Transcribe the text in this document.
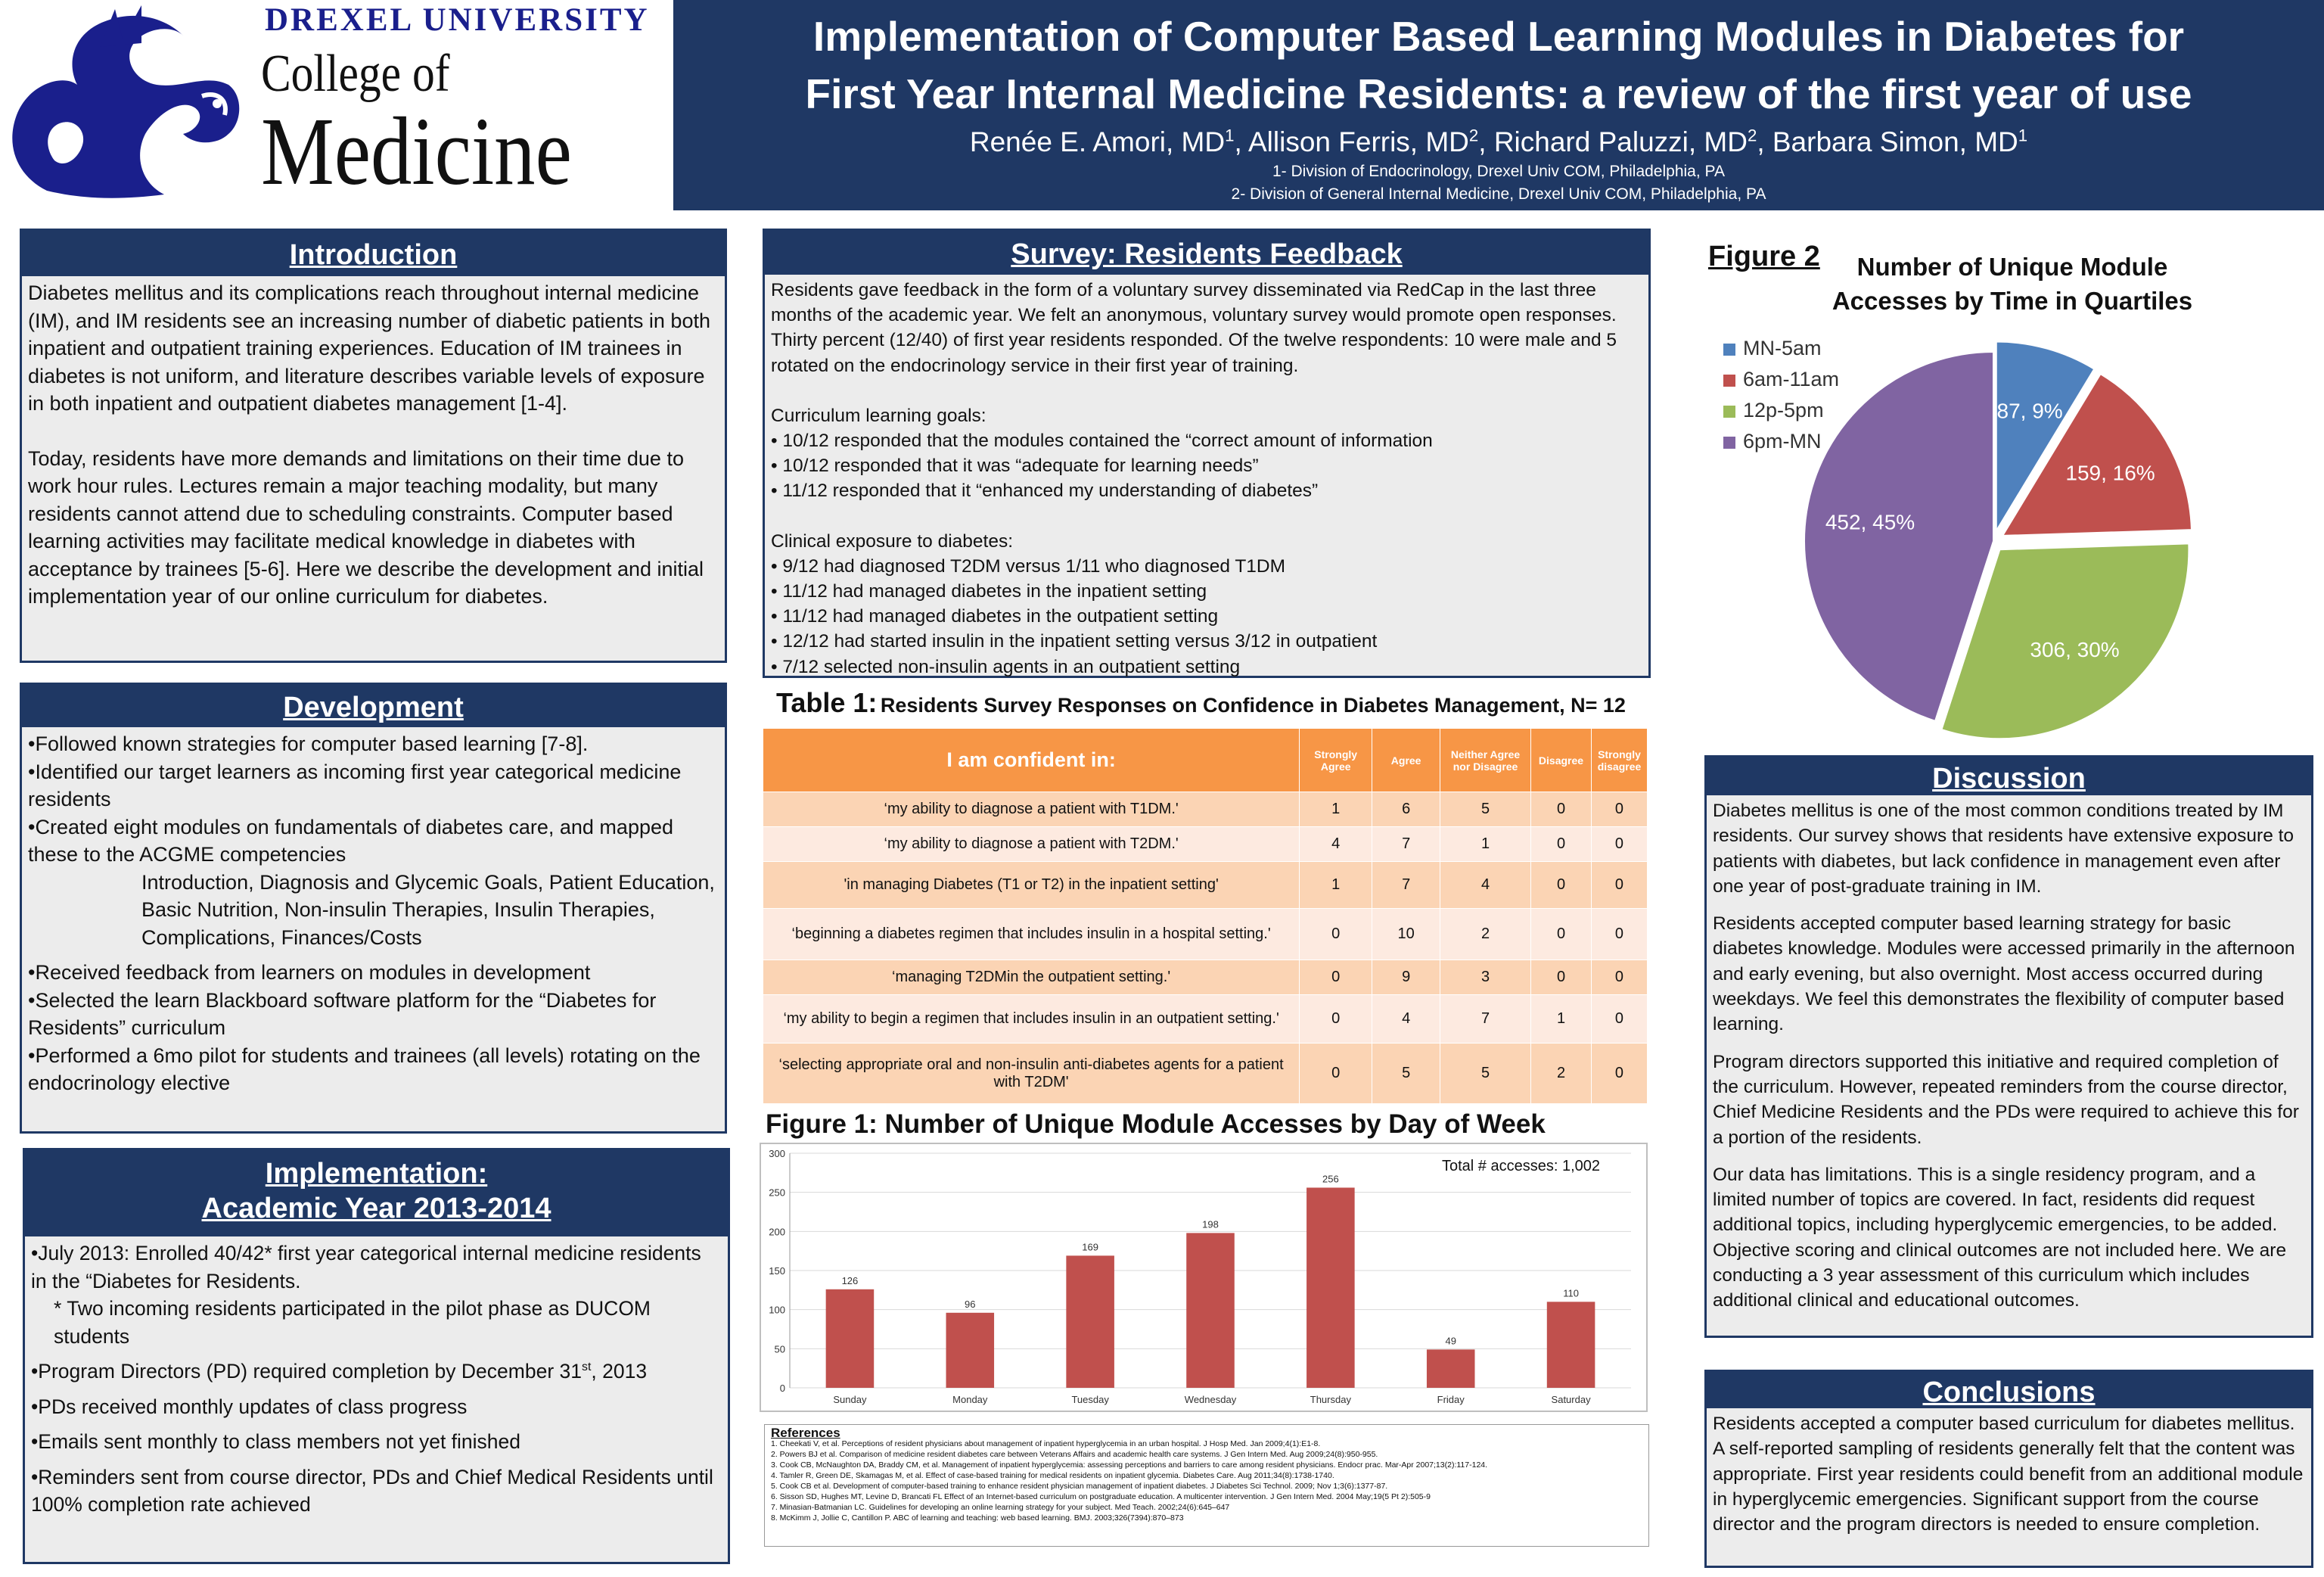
DREXEL UNIVERSITY
College of
Medicine
Implementation of Computer Based Learning Modules in Diabetes for
First Year Internal Medicine Residents: a review of the first year of use
Renée E. Amori, $MD^1$, Allison Ferris, $MD^2$, Richard Paluzzi, $MD^2$, Barbara Simon, $MD^1$
1- Division of Endocrinology, Drexel Univ COM, Philadelphia, PA
2- Division of General Internal Medicine, Drexel Univ COM, Philadelphia, PA
Introduction

Diabetes mellitus and its complications reach throughout internal medicine (IM), and IM residents see an increasing number of diabetic patients in both inpatient and outpatient training experiences. Education of IM trainees in diabetes is not uniform, and literature describes variable levels of exposure in both inpatient and outpatient diabetes management [1-4].

Today, residents have more demands and limitations on their time due to work hour rules. Lectures remain a major teaching modality, but many residents cannot attend due to scheduling constraints. Computer based learning activities may facilitate medical knowledge in diabetes with acceptance by trainees [5-6]. Here we describe the development and initial implementation year of our online curriculum for diabetes.

Development
•Followed known strategies for computer based learning [7-8].
•Identified our target learners as incoming first year categorical medicine residents
•Created eight modules on fundamentals of diabetes care, and mapped these to the ACGME competencies
Introduction, Diagnosis and Glycemic Goals, Patient Education, Basic Nutrition, Non-insulin Therapies, Insulin Therapies, Complications, Finances/Costs
•Received feedback from learners on modules in development
•Selected the learn Blackboard software platform for the “Diabetes for Residents” curriculum
•Performed a 6mo pilot for students and trainees (all levels) rotating on the endocrinology elective
Implementation:
Academic Year 2013-2014
•July 2013: Enrolled 40/42* first year categorical internal medicine residents in the “Diabetes for Residents.
* Two incoming residents participated in the pilot phase as DUCOM students
•Program Directors (PD) required completion by December 31st, 2013
•PDs received monthly updates of class progress
•Emails sent monthly to class members not yet finished
•Reminders sent from course director, PDs and Chief Medical Residents until 100% completion rate achieved
Survey: Residents Feedback

Residents gave feedback in the form of a voluntary survey disseminated via RedCap in the last three months of the academic year. We felt an anonymous, voluntary survey would promote open responses. Thirty percent (12/40) of first year residents responded. Of the twelve respondents: 10 were male and 5 rotated on the endocrinology service in their first year of training.

Curriculum learning goals:
• 10/12 responded that the modules contained the “correct amount of information
• 10/12 responded that it was “adequate for learning needs”
• 11/12 responded that it “enhanced my understanding of diabetes”
Clinical exposure to diabetes:
• 9/12 had diagnosed T2DM versus 1/11 who diagnosed T1DM
• 11/12 had managed diabetes in the inpatient setting
• 11/12 had managed diabetes in the outpatient setting
• 12/12 had started insulin in the inpatient setting versus 3/12 in outpatient
• 7/12 selected non-insulin agents in an outpatient setting
Table 1: Residents Survey Responses on Confidence in Diabetes Management, N= 12
I am confident in:	Strongly Agree	Agree	Neither Agree nor Disagree	Disagree	Strongly disagree
‘my ability to diagnose a patient with T1DM.'	1	6	5	0	0
‘my ability to diagnose a patient with T2DM.'	4	7	1	0	0
'in managing Diabetes (T1 or T2) in the inpatient setting'	1	7	4	0	0
‘beginning a diabetes regimen that includes insulin in a hospital setting.'	0	10	2	0	0
‘managing T2DMin the outpatient setting.'	0	9	3	0	0
‘my ability to begin a regimen that includes insulin in an outpatient setting.'	0	4	7	1	0
‘selecting appropriate oral and non-insulin anti-diabetes agents for a patient with T2DM'	0	5	5	2	0
Figure 1: Number of Unique Module Accesses by Day of Week
0
50
100
150
200
250
300
126
Sunday
96
Monday
169
Tuesday
198
Wednesday
256
Thursday
49
Friday
110
Saturday
Total # accesses: 1,002
References
1. Cheekati V, et al. Perceptions of resident physicians about management of inpatient hyperglycemia in an urban hospital. J Hosp Med. Jan 2009;4(1):E1-8.
2. Powers BJ et al. Comparison of medicine resident diabetes care between Veterans Affairs and academic health care systems. J Gen Intern Med. Aug 2009;24(8):950-955.
3. Cook CB, McNaughton DA, Braddy CM, et al. Management of inpatient hyperglycemia: assessing perceptions and barriers to care among resident physicians. Endocr prac. Mar-Apr 2007;13(2):117-124.
4. Tamler R, Green DE, Skamagas M, et al. Effect of case-based training for medical residents on inpatient glycemia. Diabetes Care. Aug 2011;34(8):1738-1740.
5. Cook CB et al. Development of computer-based training to enhance resident physician management of inpatient diabetes. J Diabetes Sci Technol. 2009; Nov 1;3(6):1377-87.
6. Sisson SD, Hughes MT, Levine D, Brancati FL Effect of an Internet-based curriculum on postgraduate education. A multicenter intervention. J Gen Intern Med. 2004 May;19(5 Pt 2):505-9
7. Minasian-Batmanian LC. Guidelines for developing an online learning strategy for your subject. Med Teach. 2002;24(6):645–647
8. McKimm J, Jollie C, Cantillon P. ABC of learning and teaching: web based learning. BMJ. 2003;326(7394):870–873
Figure 2	Number of Unique Module
Accesses by Time in Quartiles
MN-5am
6am-11am
12p-5pm
6pm-MN
87, 9%
159, 16%
306, 30%
452, 45%
Discussion

Diabetes mellitus is one of the most common conditions treated by IM residents. Our survey shows that residents have extensive exposure to patients with diabetes, but lack confidence in management even after one year of post-graduate training in IM.

Residents accepted computer based learning strategy for basic diabetes knowledge. Modules were accessed primarily in the afternoon and early evening, but also overnight. Most access occurred during weekdays. We feel this demonstrates the flexibility of computer based learning.

Program directors supported this initiative and required completion of the curriculum. However, repeated reminders from the course director, Chief Medicine Residents and the PDs were required to achieve this for a portion of the residents.

Our data has limitations. This is a single residency program, and a limited number of topics are covered. In fact, residents did request additional topics, including hyperglycemic emergencies, to be added. Objective scoring and clinical outcomes are not included here. We are conducting a 3 year assessment of this curriculum which includes additional clinical and educational outcomes.

Conclusions

Residents accepted a computer based curriculum for diabetes mellitus. A self-reported sampling of residents generally felt that the content was appropriate. First year residents could benefit from an additional module in hyperglycemic emergencies. Significant support from the course director and the program directors is needed to ensure completion.
